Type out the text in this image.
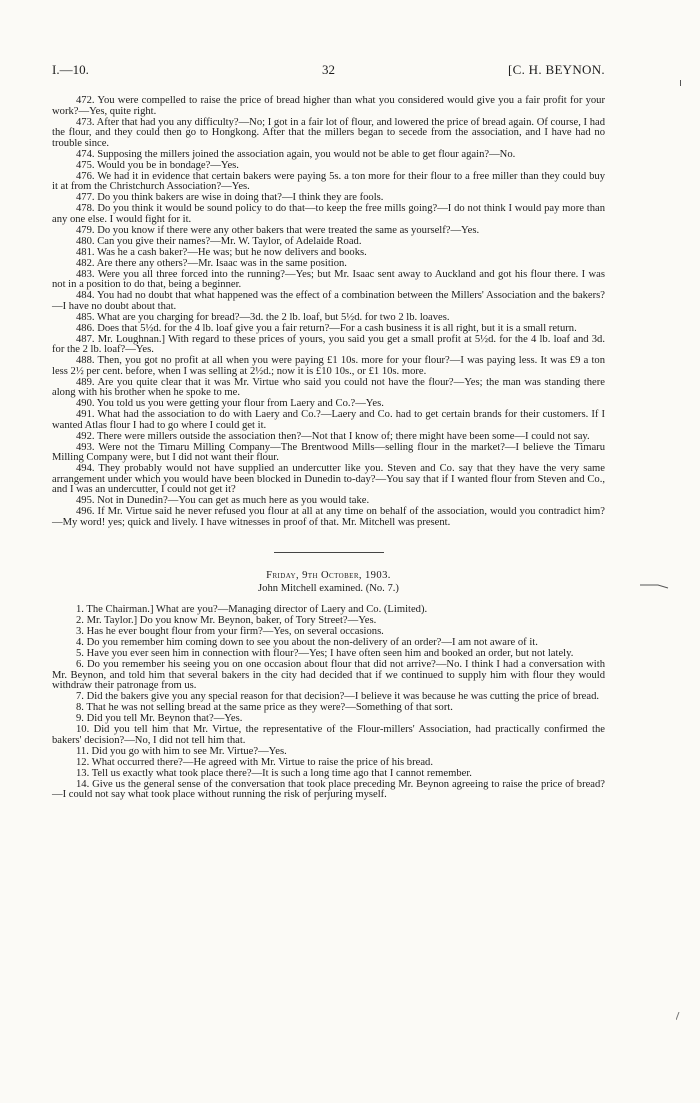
I.—10.	32	[C. H. BEYNON.

472. You were compelled to raise the price of bread higher than what you considered would give you a fair profit for your work?—Yes, quite right.

473. After that had you any difficulty?—No; I got in a fair lot of flour, and lowered the price of bread again. Of course, I had the flour, and they could then go to Hongkong. After that the millers began to secede from the association, and I have had no trouble since.

474. Supposing the millers joined the association again, you would not be able to get flour again?—No.

475. Would you be in bondage?—Yes.

476. We had it in evidence that certain bakers were paying 5s. a ton more for their flour to a free miller than they could buy it at from the Christchurch Association?—Yes.

477. Do you think bakers are wise in doing that?—I think they are fools.

478. Do you think it would be sound policy to do that—to keep the free mills going?—I do not think I would pay more than any one else. I would fight for it.

479. Do you know if there were any other bakers that were treated the same as yourself?—Yes.

480. Can you give their names?—Mr. W. Taylor, of Adelaide Road.

481. Was he a cash baker?—He was; but he now delivers and books.

482. Are there any others?—Mr. Isaac was in the same position.

483. Were you all three forced into the running?—Yes; but Mr. Isaac sent away to Auckland and got his flour there. I was not in a position to do that, being a beginner.

484. You had no doubt that what happened was the effect of a combination between the Millers' Association and the bakers?—I have no doubt about that.

485. What are you charging for bread?—3d. the 2 lb. loaf, but 5½d. for two 2 lb. loaves.

486. Does that 5½d. for the 4 lb. loaf give you a fair return?—For a cash business it is all right, but it is a small return.

487. Mr. Loughnan.] With regard to these prices of yours, you said you get a small profit at 5½d. for the 4 lb. loaf and 3d. for the 2 lb. loaf?—Yes.

488. Then, you got no profit at all when you were paying £1 10s. more for your flour?—I was paying less. It was £9 a ton less 2½ per cent. before, when I was selling at 2½d.; now it is £10 10s., or £1 10s. more.

489. Are you quite clear that it was Mr. Virtue who said you could not have the flour?—Yes; the man was standing there along with his brother when he spoke to me.

490. You told us you were getting your flour from Laery and Co.?—Yes.

491. What had the association to do with Laery and Co.?—Laery and Co. had to get certain brands for their customers. If I wanted Atlas flour I had to go where I could get it.

492. There were millers outside the association then?—Not that I know of; there might have been some—I could not say.

493. Were not the Timaru Milling Company—The Brentwood Mills—selling flour in the market?—I believe the Timaru Milling Company were, but I did not want their flour.

494. They probably would not have supplied an undercutter like you. Steven and Co. say that they have the very same arrangement under which you would have been blocked in Dunedin to-day?—You say that if I wanted flour from Steven and Co., and I was an undercutter, I could not get it?

495. Not in Dunedin?—You can get as much here as you would take.

496. If Mr. Virtue said he never refused you flour at all at any time on behalf of the association, would you contradict him?—My word! yes; quick and lively. I have witnesses in proof of that. Mr. Mitchell was present.

Friday, 9th October, 1903.
John Mitchell examined. (No. 7.)

1. The Chairman.] What are you?—Managing director of Laery and Co. (Limited).

2. Mr. Taylor.] Do you know Mr. Beynon, baker, of Tory Street?—Yes.

3. Has he ever bought flour from your firm?—Yes, on several occasions.

4. Do you remember him coming down to see you about the non-delivery of an order?—I am not aware of it.

5. Have you ever seen him in connection with flour?—Yes; I have often seen him and booked an order, but not lately.

6. Do you remember his seeing you on one occasion about flour that did not arrive?—No. I think I had a conversation with Mr. Beynon, and told him that several bakers in the city had decided that if we continued to supply him with flour they would withdraw their patronage from us.

7. Did the bakers give you any special reason for that decision?—I believe it was because he was cutting the price of bread.

8. That he was not selling bread at the same price as they were?—Something of that sort.

9. Did you tell Mr. Beynon that?—Yes.

10. Did you tell him that Mr. Virtue, the representative of the Flour-millers' Association, had practically confirmed the bakers' decision?—No, I did not tell him that.

11. Did you go with him to see Mr. Virtue?—Yes.

12. What occurred there?—He agreed with Mr. Virtue to raise the price of his bread.

13. Tell us exactly what took place there?—It is such a long time ago that I cannot remember.

14. Give us the general sense of the conversation that took place preceding Mr. Beynon agreeing to raise the price of bread?—I could not say what took place without running the risk of perjuring myself.
